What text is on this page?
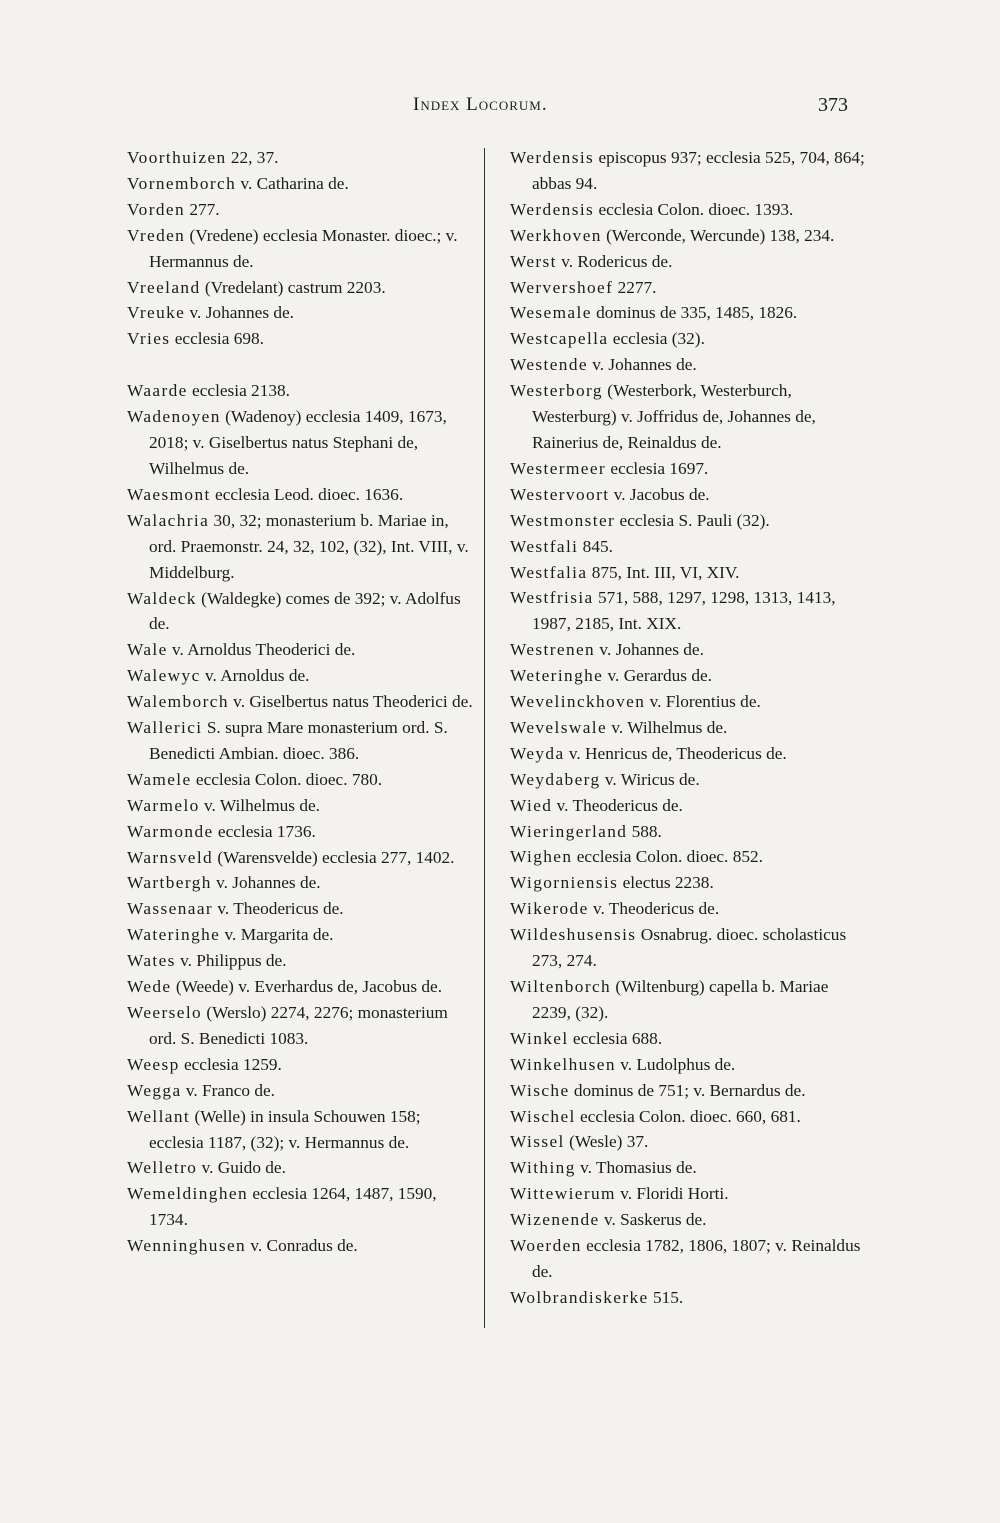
Index Locorum.	373
Voorthuizen 22, 37.
Vornemborch v. Catharina de.
Vorden 277.
Vreden (Vredene) ecclesia Monaster. dioec.; v. Hermannus de.
Vreeland (Vredelant) castrum 2203.
Vreuke v. Johannes de.
Vries ecclesia 698.
Waarde ecclesia 2138.
Wadenoyen (Wadenoy) ecclesia 1409, 1673, 2018; v. Giselbertus natus Stephani de, Wilhelmus de.
Waesmont ecclesia Leod. dioec. 1636.
Walachria 30, 32; monasterium b. Mariae in, ord. Praemonstr. 24, 32, 102, (32), Int. VIII, v. Middelburg.
Waldeck (Waldegke) comes de 392; v. Adolfus de.
Wale v. Arnoldus Theoderici de.
Walewyc v. Arnoldus de.
Walemborch v. Giselbertus natus Theoderici de.
Wallerici S. supra Mare monasterium ord. S. Benedicti Ambian. dioec. 386.
Wamele ecclesia Colon. dioec. 780.
Warmelo v. Wilhelmus de.
Warmonde ecclesia 1736.
Warnsveld (Warensvelde) ecclesia 277, 1402.
Wartbergh v. Johannes de.
Wassenaar v. Theodericus de.
Wateringhe v. Margarita de.
Wates v. Philippus de.
Wede (Weede) v. Everhardus de, Jacobus de.
Weerselo (Werslo) 2274, 2276; monasterium ord. S. Benedicti 1083.
Weesp ecclesia 1259.
Wegga v. Franco de.
Wellant (Welle) in insula Schouwen 158; ecclesia 1187, (32); v. Hermannus de.
Welletro v. Guido de.
Wemeldinghen ecclesia 1264, 1487, 1590, 1734.
Wenninghusen v. Conradus de.
Werdensis episcopus 937; ecclesia 525, 704, 864; abbas 94.
Werdensis ecclesia Colon. dioec. 1393.
Werkhoven (Werconde, Wercunde) 138, 234.
Werst v. Rodericus de.
Wervershoef 2277.
Wesemale dominus de 335, 1485, 1826.
Westcapella ecclesia (32).
Westende v. Johannes de.
Westerborg (Westerbork, Westerburch, Westerburg) v. Joffridus de, Johannes de, Rainerius de, Reinaldus de.
Westermeer ecclesia 1697.
Westervoort v. Jacobus de.
Westmonster ecclesia S. Pauli (32).
Westfali 845.
Westfalia 875, Int. III, VI, XIV.
Westfrisia 571, 588, 1297, 1298, 1313, 1413, 1987, 2185, Int. XIX.
Westrenen v. Johannes de.
Weteringhe v. Gerardus de.
Wevelinckhoven v. Florentius de.
Wevelswale v. Wilhelmus de.
Weyda v. Henricus de, Theodericus de.
Weydaberg v. Wiricus de.
Wied v. Theodericus de.
Wieringerland 588.
Wighen ecclesia Colon. dioec. 852.
Wigorniensis electus 2238.
Wikerode v. Theodericus de.
Wildeshusensis Osnabrug. dioec. scholasticus 273, 274.
Wiltenborch (Wiltenburg) capella b. Mariae 2239, (32).
Winkel ecclesia 688.
Winkelhusen v. Ludolphus de.
Wische dominus de 751; v. Bernardus de.
Wischel ecclesia Colon. dioec. 660, 681.
Wissel (Wesle) 37.
Withing v. Thomasius de.
Wittewierum v. Floridi Horti.
Wizenende v. Saskerus de.
Woerden ecclesia 1782, 1806, 1807; v. Reinaldus de.
Wolbrandiskerke 515.
